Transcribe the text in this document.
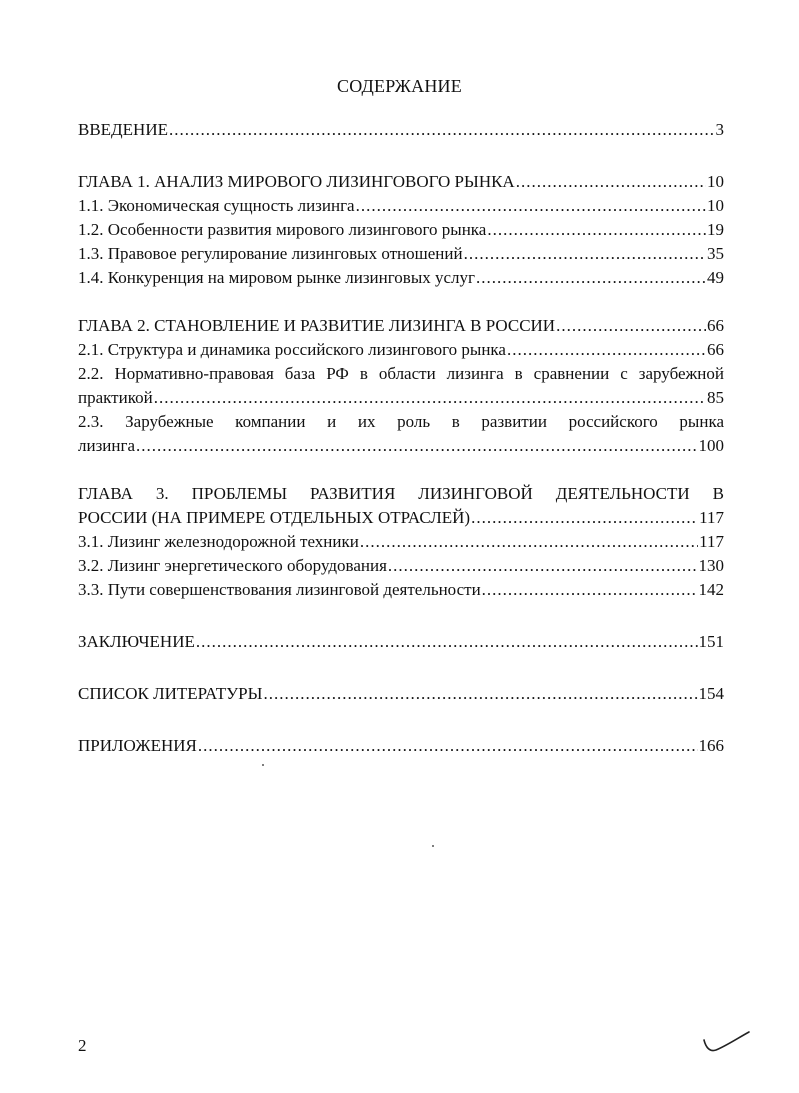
СОДЕРЖАНИЕ
ВВЕДЕНИЕ .....	3
ГЛАВА 1. АНАЛИЗ МИРОВОГО ЛИЗИНГОВОГО РЫНКА .....	10
1.1. Экономическая сущность лизинга .....	10
1.2. Особенности развития мирового лизингового рынка .....	19
1.3. Правовое регулирование лизинговых отношений .....	35
1.4. Конкуренция на мировом рынке лизинговых услуг .....	49
ГЛАВА 2. СТАНОВЛЕНИЕ И РАЗВИТИЕ ЛИЗИНГА В РОССИИ .....	66
2.1. Структура и динамика российского лизингового рынка .....	66
2.2. Нормативно-правовая база РФ в области лизинга в сравнении с зарубежной
практикой .....	85
2.3. Зарубежные компании и их роль в развитии российского рынка
лизинга .....	100
ГЛАВА 3. ПРОБЛЕМЫ РАЗВИТИЯ ЛИЗИНГОВОЙ ДЕЯТЕЛЬНОСТИ В
РОССИИ (НА ПРИМЕРЕ ОТДЕЛЬНЫХ ОТРАСЛЕЙ) .....	117
3.1. Лизинг железнодорожной техники .....	117
3.2. Лизинг энергетического оборудования .....	130
3.3. Пути совершенствования лизинговой деятельности .....	142
ЗАКЛЮЧЕНИЕ .....	151
СПИСОК ЛИТЕРАТУРЫ .....	154
ПРИЛОЖЕНИЯ .....	166
2
